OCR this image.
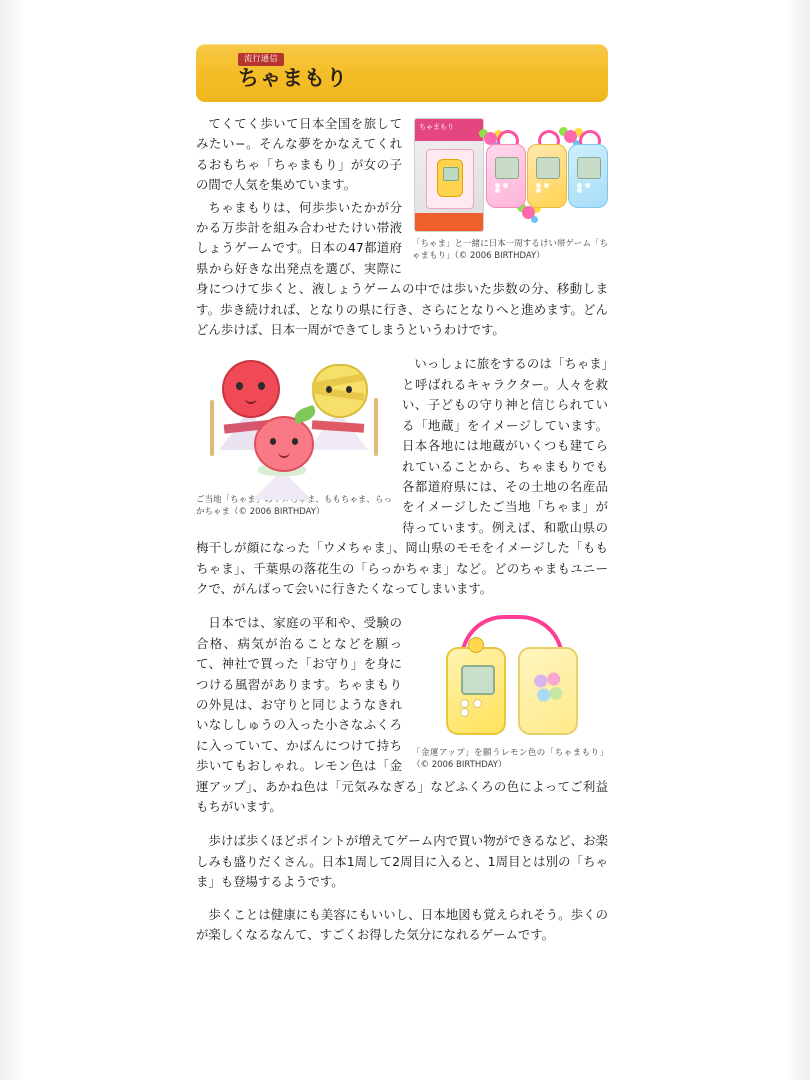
流行通信
ちゃまもり
ちゃまもり
「ちゃま」と一緒に日本一周するけい帯ゲーム「ちゃまもり」（© 2006 BIRTHDAY）

てくてく歩いて日本全国を旅してみたい−。そんな夢をかなえてくれるおもちゃ「ちゃまもり」が女の子の間で人気を集めています。

ちゃまもりは、何歩歩いたかが分かる万歩計を組み合わせたけい帯液しょうゲームです。日本の47都道府県から好きな出発点を選び、実際に身につけて歩くと、液しょうゲームの中では歩いた歩数の分、移動します。歩き続ければ、となりの県に行き、さらにとなりへと進めます。どんどん歩けば、日本一周ができてしまうというわけです。

ご当地「ちゃま」のウメちゃま、ももちゃま、らっかちゃま（© 2006 BIRTHDAY）

いっしょに旅をするのは「ちゃま」と呼ばれるキャラクター。人々を救い、子どもの守り神と信じられている「地蔵」をイメージしています。日本各地には地蔵がいくつも建てられていることから、ちゃまもりでも各都道府県には、その土地の名産品をイメージしたご当地「ちゃま」が待っています。例えば、和歌山県の梅干しが顔になった「ウメちゃま」、岡山県のモモをイメージした「ももちゃま」、千葉県の落花生の「らっかちゃま」など。どのちゃまもユニークで、がんばって会いに行きたくなってしまいます。

「金運アップ」を願うレモン色の「ちゃまもり」（© 2006 BIRTHDAY）

日本では、家庭の平和や、受験の合格、病気が治ることなどを願って、神社で買った「お守り」を身につける風習があります。ちゃまもりの外見は、お守りと同じようなきれいなししゅうの入った小さなふくろに入っていて、かばんにつけて持ち歩いてもおしゃれ。レモン色は「金運アップ」、あかね色は「元気みなぎる」などふくろの色によってご利益もちがいます。

歩けば歩くほどポイントが増えてゲーム内で買い物ができるなど、お楽しみも盛りだくさん。日本1周して2周目に入ると、1周目とは別の「ちゃま」も登場するようです。

歩くことは健康にも美容にもいいし、日本地図も覚えられそう。歩くのが楽しくなるなんて、すごくお得した気分になれるゲームです。
